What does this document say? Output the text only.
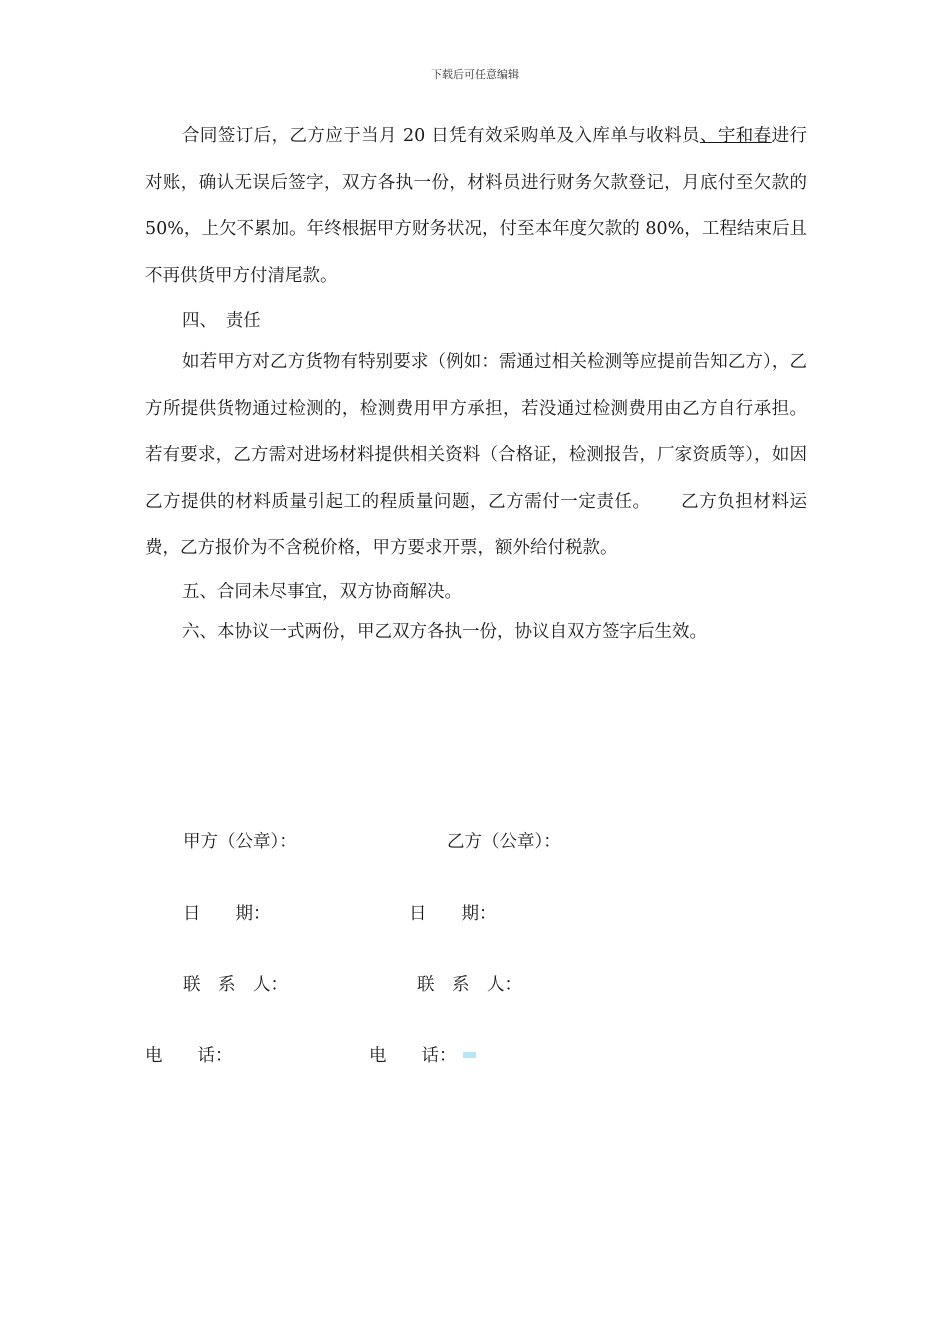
下载后可任意编辑

合同签订后，乙方应于当月 20 日凭有效采购单及入库单与收料员、宇和春进行对账，确认无误后签字，双方各执一份，材料员进行财务欠款登记，月底付至欠款的 50%，上欠不累加。年终根据甲方财务状况，付至本年度欠款的 80%，工程结束后且不再供货甲方付清尾款。

四、　责任

如若甲方对乙方货物有特别要求（例如：需通过相关检测等应提前告知乙方），乙方所提供货物通过检测的，检测费用甲方承担，若没通过检测费用由乙方自行承担。若有要求，乙方需对进场材料提供相关资料（合格证，检测报告，厂家资质等），如因乙方提供的材料质量引起工的程质量问题，乙方需付一定责任。 乙方负担材料运费，乙方报价为不含税价格，甲方要求开票，额外给付税款。

五、合同未尽事宜，双方协商解决。

六、本协议一式两份，甲乙双方各执一份，协议自双方签字后生效。

甲方（公章）：	乙方（公章）：
日　　期：	日　　期：
联　系　人：	联　系　人：
电　　话：	电　　话：
